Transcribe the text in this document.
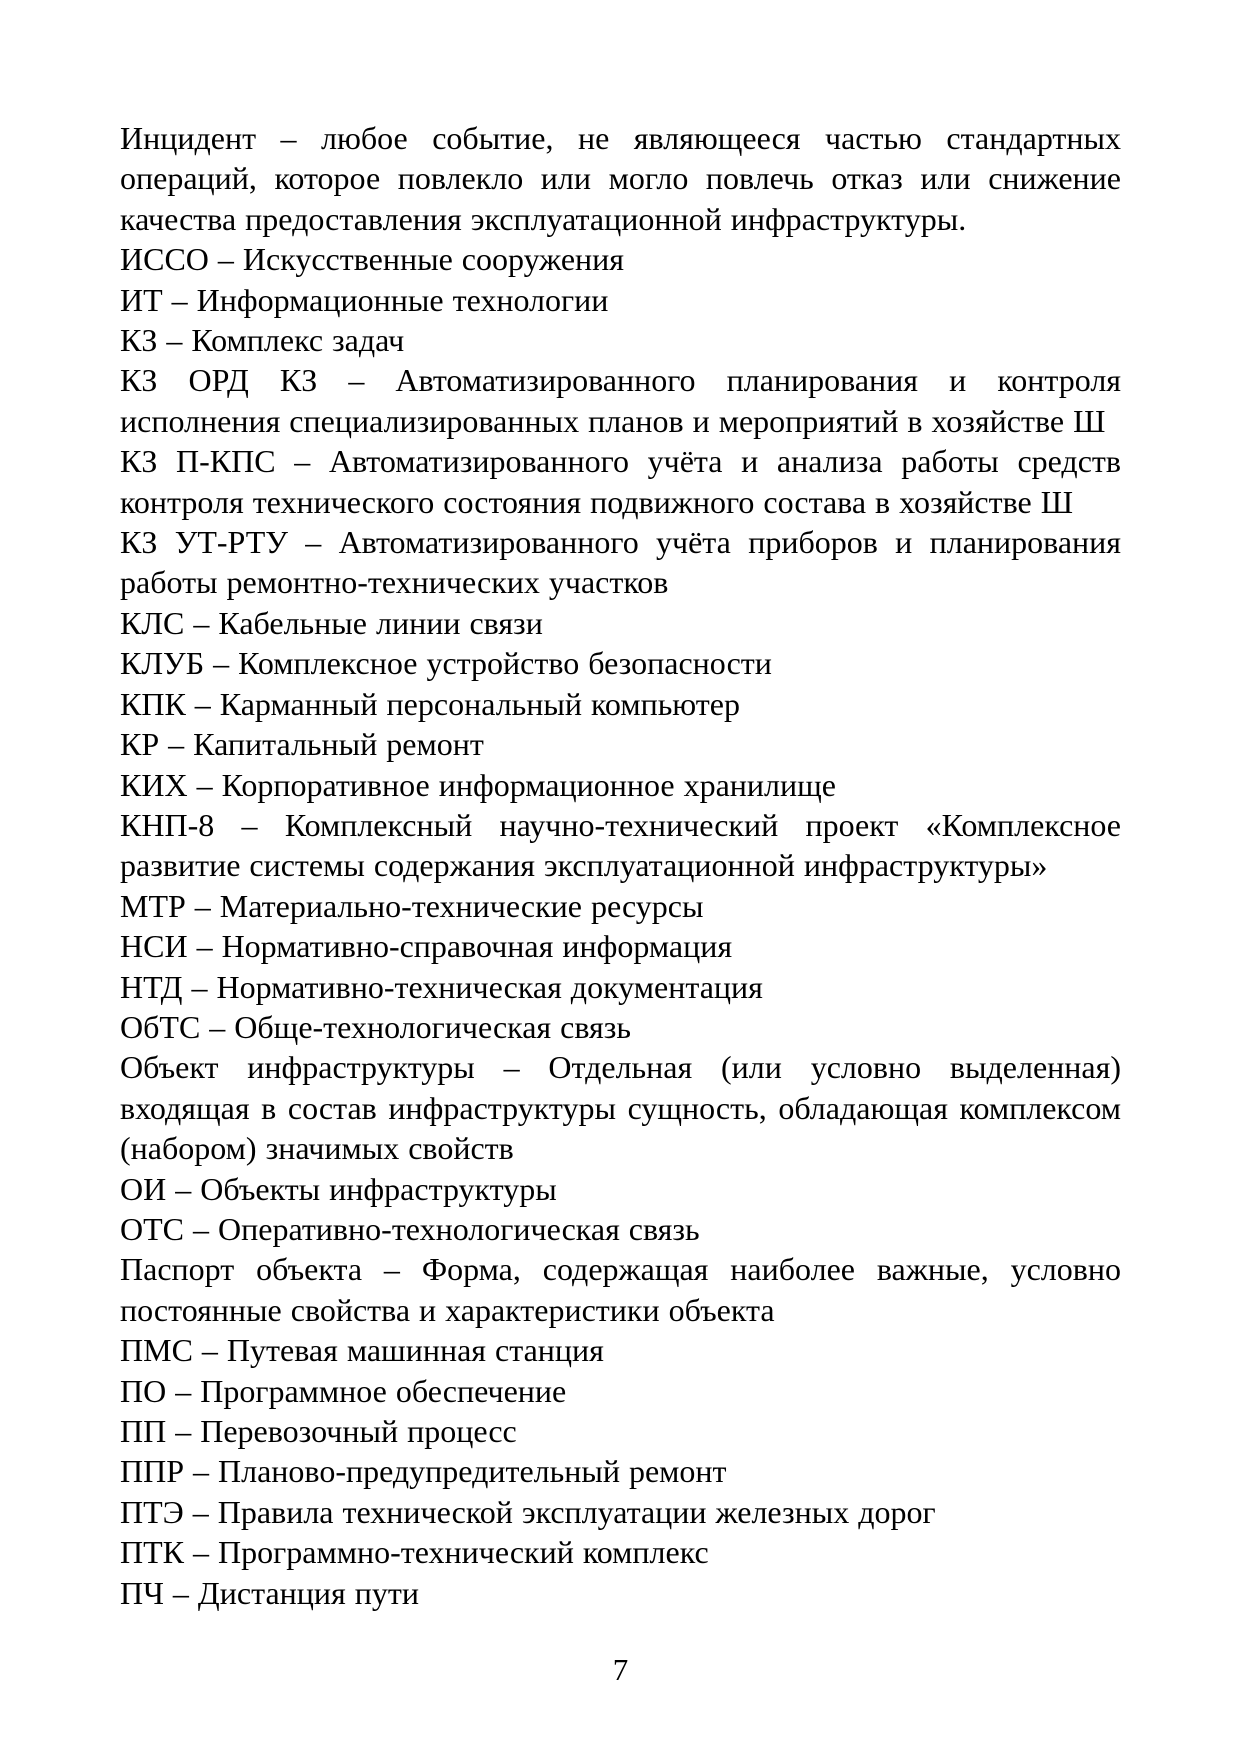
Инцидент – любое событие, не являющееся частью стандартных операций, которое повлекло или могло повлечь отказ или снижение качества предоставления эксплуатационной инфраструктуры.

ИССО – Искусственные сооружения

ИТ – Информационные технологии

КЗ – Комплекс задач

КЗ ОРД КЗ – Автоматизированного планирования и контроля исполнения специализированных планов и мероприятий в хозяйстве Ш

КЗ П-КПС – Автоматизированного учёта и анализа работы средств контроля технического состояния подвижного состава в хозяйстве Ш

КЗ УТ-РТУ – Автоматизированного учёта приборов и планирования работы ремонтно-технических участков

КЛС – Кабельные линии связи

КЛУБ – Комплексное устройство безопасности

КПК – Карманный персональный компьютер

КР – Капитальный ремонт

КИХ – Корпоративное информационное хранилище

КНП-8 – Комплексный научно-технический проект «Комплексное развитие системы содержания эксплуатационной инфраструктуры»

МТР – Материально-технические ресурсы

НСИ – Нормативно-справочная информация

НТД – Нормативно-техническая документация

ОбТС – Обще-технологическая связь

Объект инфраструктуры – Отдельная (или условно выделенная) входящая в состав инфраструктуры сущность, обладающая комплексом (набором) значимых свойств

ОИ – Объекты инфраструктуры

ОТС – Оперативно-технологическая связь

Паспорт объекта – Форма, содержащая наиболее важные, условно постоянные свойства и характеристики объекта

ПМС – Путевая машинная станция

ПО – Программное обеспечение

ПП – Перевозочный процесс

ППР – Планово-предупредительный ремонт

ПТЭ – Правила технической эксплуатации железных дорог

ПТК – Программно-технический комплекс

ПЧ – Дистанция пути

7
